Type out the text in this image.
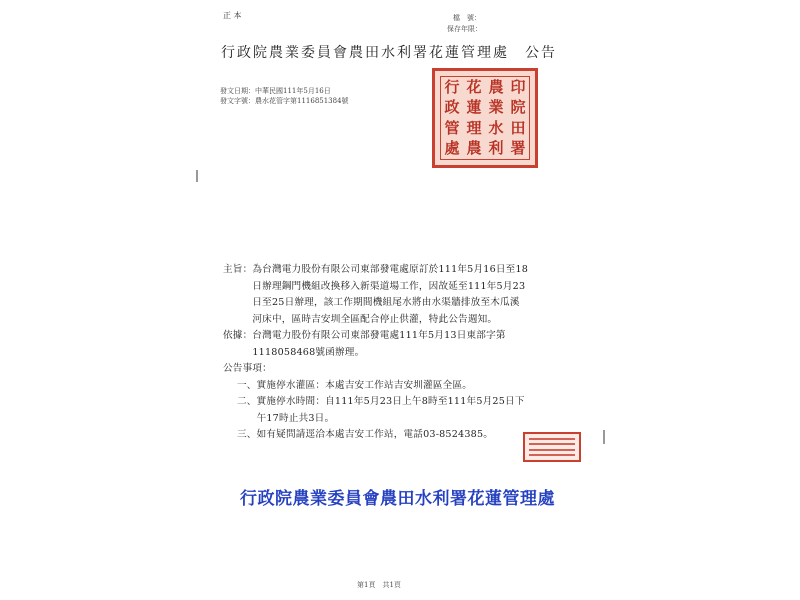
正 本	檔　號：
保存年限：
行政院農業委員會農田水利署花蓮管理處　公告
發文日期：中華民國111年5月16日
發文字號：農水花管字第1116851384號
行 花 農 印
政 蓮 業 院
管 理 水 田
處 農 利 署
主旨：為台灣電力股份有限公司東部發電處原訂於111年5月16日至18
　　　日辦理鋼門機組改換移入新渠道場工作，因故延至111年5月23
　　　日至25日辦理，該工作期間機組尾水將由水渠牆排放至木瓜溪
　　　河床中，區時吉安圳全區配合停止供灌，特此公告週知。
依據：台灣電力股份有限公司東部發電處111年5月13日東部字第
　　　1118058468號函辦理。
公告事項：
一、實施停水灌區：本處吉安工作站吉安圳灌區全區。
二、實施停水時間：自111年5月23日上午8時至111年5月25日下
　　午17時止共3日。
三、如有疑問請逕洽本處吉安工作站，電話03-8524385。
行政院農業委員會農田水利署花蓮管理處
第1頁　共1頁
